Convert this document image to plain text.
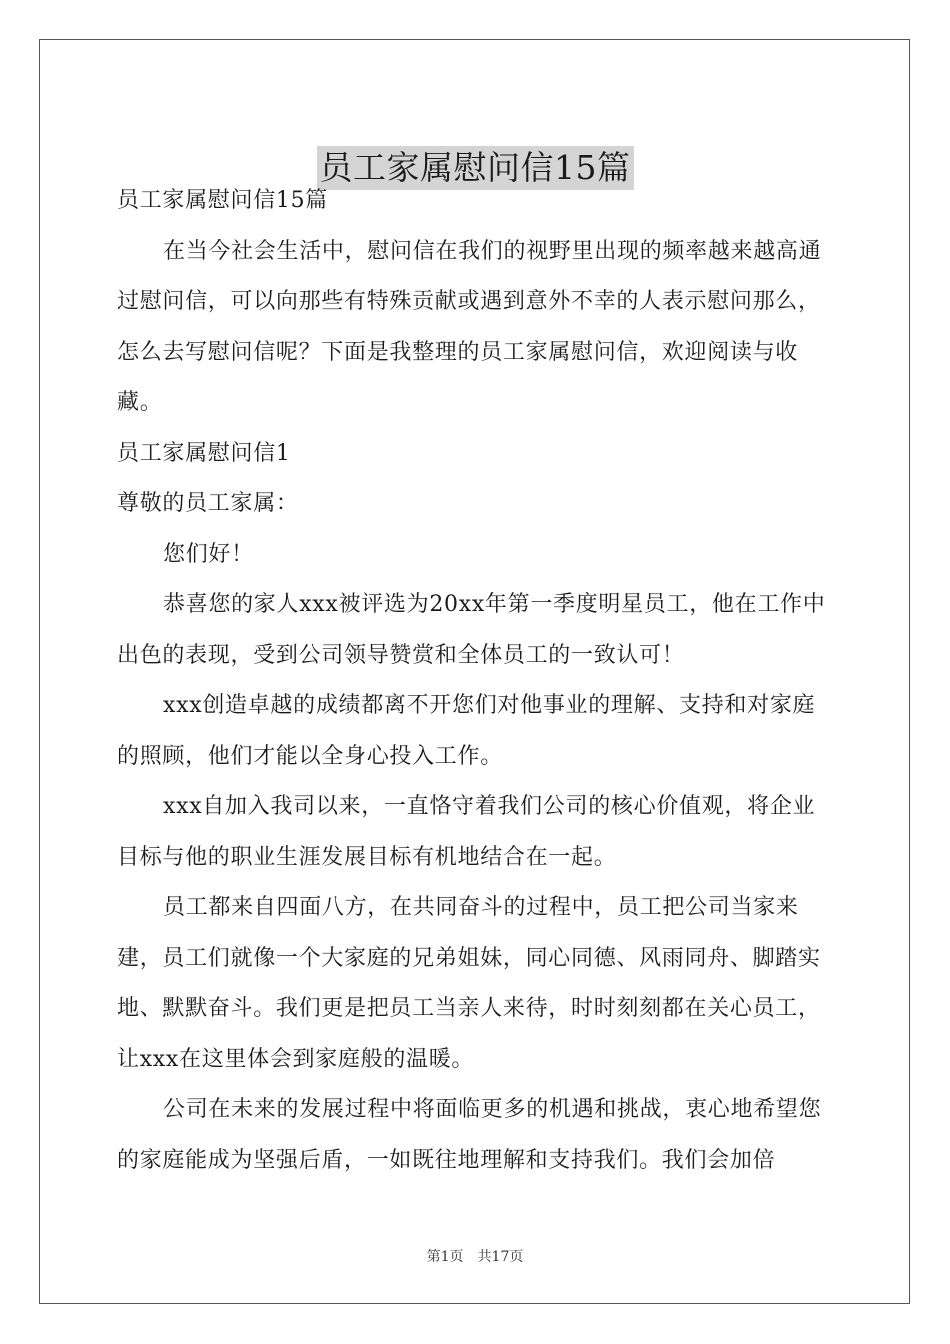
员工家属慰问信15篇

员工家属慰问信15篇

在当今社会生活中，慰问信在我们的视野里出现的频率越来越高通过慰问信，可以向那些有特殊贡献或遇到意外不幸的人表示慰问那么，怎么去写慰问信呢？下面是我整理的员工家属慰问信，欢迎阅读与收藏。

员工家属慰问信1

尊敬的员工家属：

您们好！

恭喜您的家人xxx被评选为20xx年第一季度明星员工，他在工作中出色的表现，受到公司领导赞赏和全体员工的一致认可！

xxx创造卓越的成绩都离不开您们对他事业的理解、支持和对家庭的照顾，他们才能以全身心投入工作。

xxx自加入我司以来，一直恪守着我们公司的核心价值观，将企业目标与他的职业生涯发展目标有机地结合在一起。

员工都来自四面八方，在共同奋斗的过程中，员工把公司当家来建，员工们就像一个大家庭的兄弟姐妹，同心同德、风雨同舟、脚踏实地、默默奋斗。我们更是把员工当亲人来待，时时刻刻都在关心员工，让xxx在这里体会到家庭般的温暖。

公司在未来的发展过程中将面临更多的机遇和挑战，衷心地希望您的家庭能成为坚强后盾，一如既往地理解和支持我们。我们会加倍

第1页 共17页
